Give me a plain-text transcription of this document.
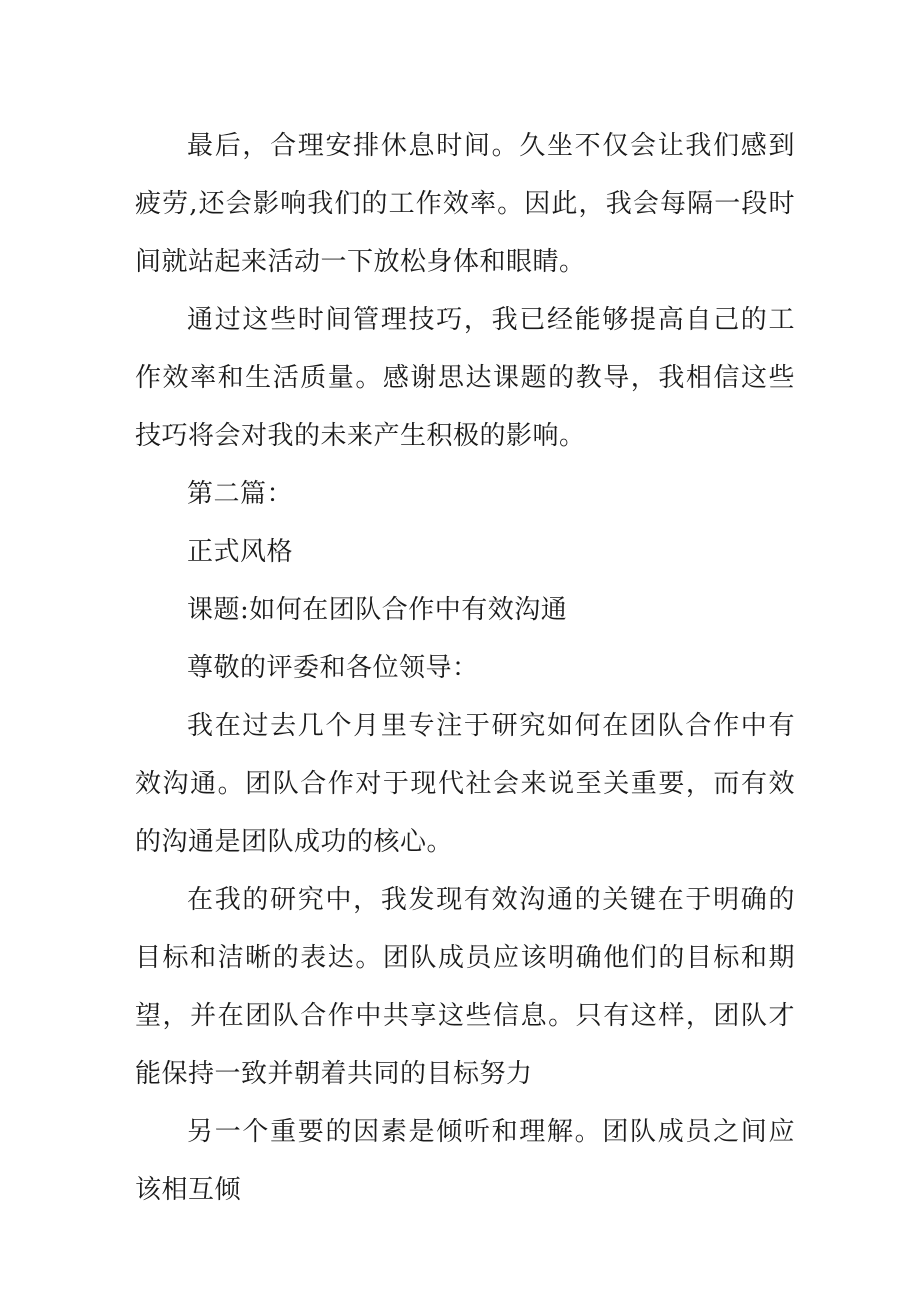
最后，合理安排休息时间。久坐不仅会让我们感到疲劳,还会影响我们的工作效率。因此，我会每隔一段时间就站起来活动一下放松身体和眼睛。

通过这些时间管理技巧，我已经能够提高自己的工作效率和生活质量。感谢思达课题的教导，我相信这些技巧将会对我的未来产生积极的影响。

第二篇：

正式风格

课题:如何在团队合作中有效沟通

尊敬的评委和各位领导：

我在过去几个月里专注于研究如何在团队合作中有效沟通。团队合作对于现代社会来说至关重要，而有效的沟通是团队成功的核心。

在我的研究中，我发现有效沟通的关键在于明确的目标和洁晰的表达。团队成员应该明确他们的目标和期望，并在团队合作中共享这些信息。只有这样，团队才能保持一致并朝着共同的目标努力

另一个重要的因素是倾听和理解。团队成员之间应该相互倾
